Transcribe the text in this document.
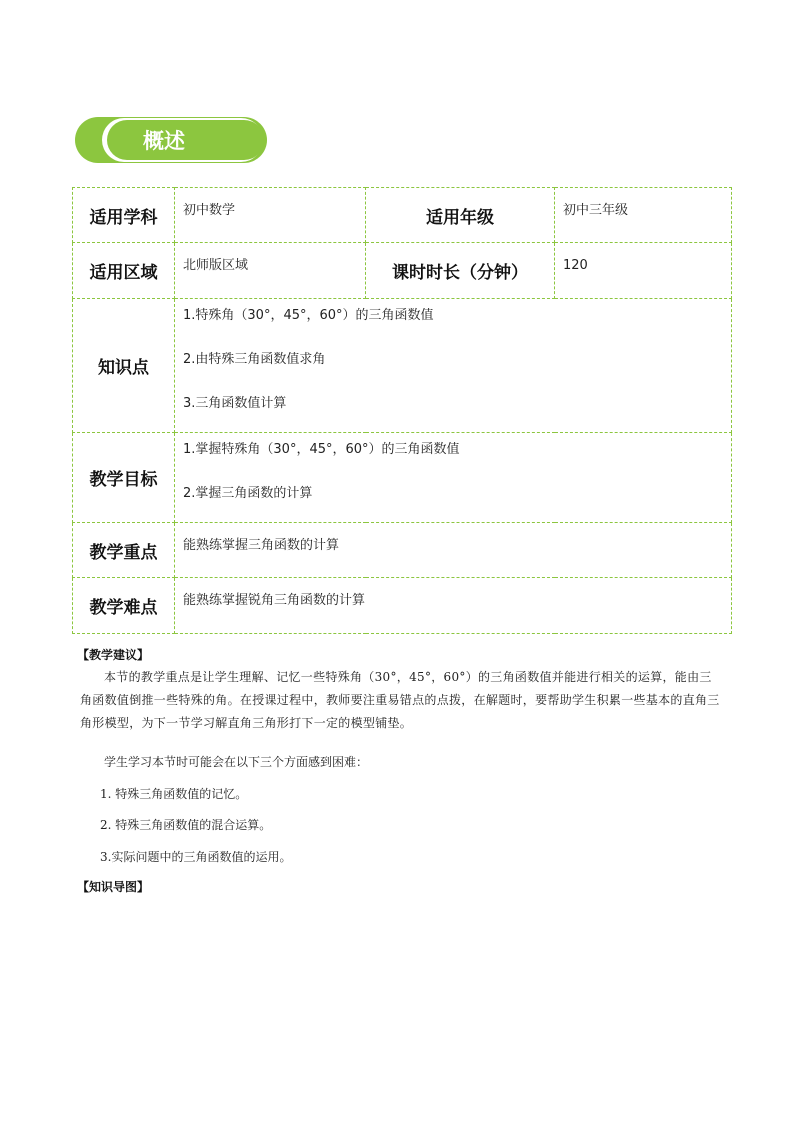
概述
适用学科	初中数学	适用年级	初中三年级
适用区域	北师版区域	课时时长（分钟）	120
知识点	1.特殊角（30°，45°，60°）的三角函数值
2.由特殊三角函数值求角
3.三角函数值计算		

教学目标	1.掌握特殊角（30°，45°，60°）的三角函数值
2.掌握三角函数的计算		

教学重点	能熟练掌握三角函数的计算		
教学难点	能熟练掌握锐角三角函数的计算		
【教学建议】
本节的教学重点是让学生理解、记忆一些特殊角（30°，45°，60°）的三角函数值并能进行相关的运算，能由三角函数值倒推一些特殊的角。在授课过程中，教师要注重易错点的点拨，在解题时，要帮助学生积累一些基本的直角三角形模型，为下一节学习解直角三角形打下一定的模型铺垫。
学生学习本节时可能会在以下三个方面感到困难：
1. 特殊三角函数值的记忆。
2. 特殊三角函数值的混合运算。
3.实际问题中的三角函数值的运用。
【知识导图】
